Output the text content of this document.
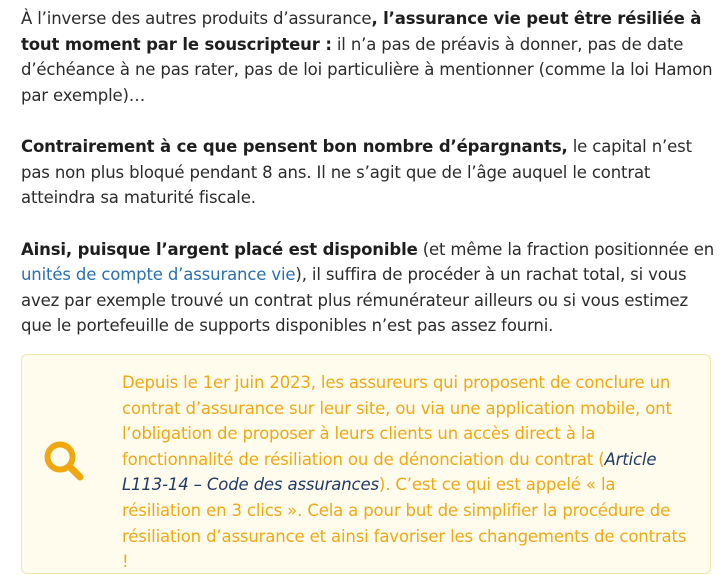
À l’inverse des autres produits d’assurance, l’assurance vie peut être résiliée à tout moment par le souscripteur : il n’a pas de préavis à donner, pas de date d’échéance à ne pas rater, pas de loi particulière à mentionner (comme la loi Hamon par exemple)…

Contrairement à ce que pensent bon nombre d’épargnants, le capital n’est pas non plus bloqué pendant 8 ans. Il ne s’agit que de l’âge auquel le contrat atteindra sa maturité fiscale.

Ainsi, puisque l’argent placé est disponible (et même la fraction positionnée en unités de compte d’assurance vie), il suffira de procéder à un rachat total, si vous avez par exemple trouvé un contrat plus rémunérateur ailleurs ou si vous estimez que le portefeuille de supports disponibles n’est pas assez fourni.

Depuis le 1er juin 2023, les assureurs qui proposent de conclure un contrat d’assurance sur leur site, ou via une application mobile, ont l’obligation de proposer à leurs clients un accès direct à la fonctionnalité de résiliation ou de dénonciation du contrat (Article L113-14 – Code des assurances). C’est ce qui est appelé « la résiliation en 3 clics ». Cela a pour but de simplifier la procédure de résiliation d’assurance et ainsi favoriser les changements de contrats !
